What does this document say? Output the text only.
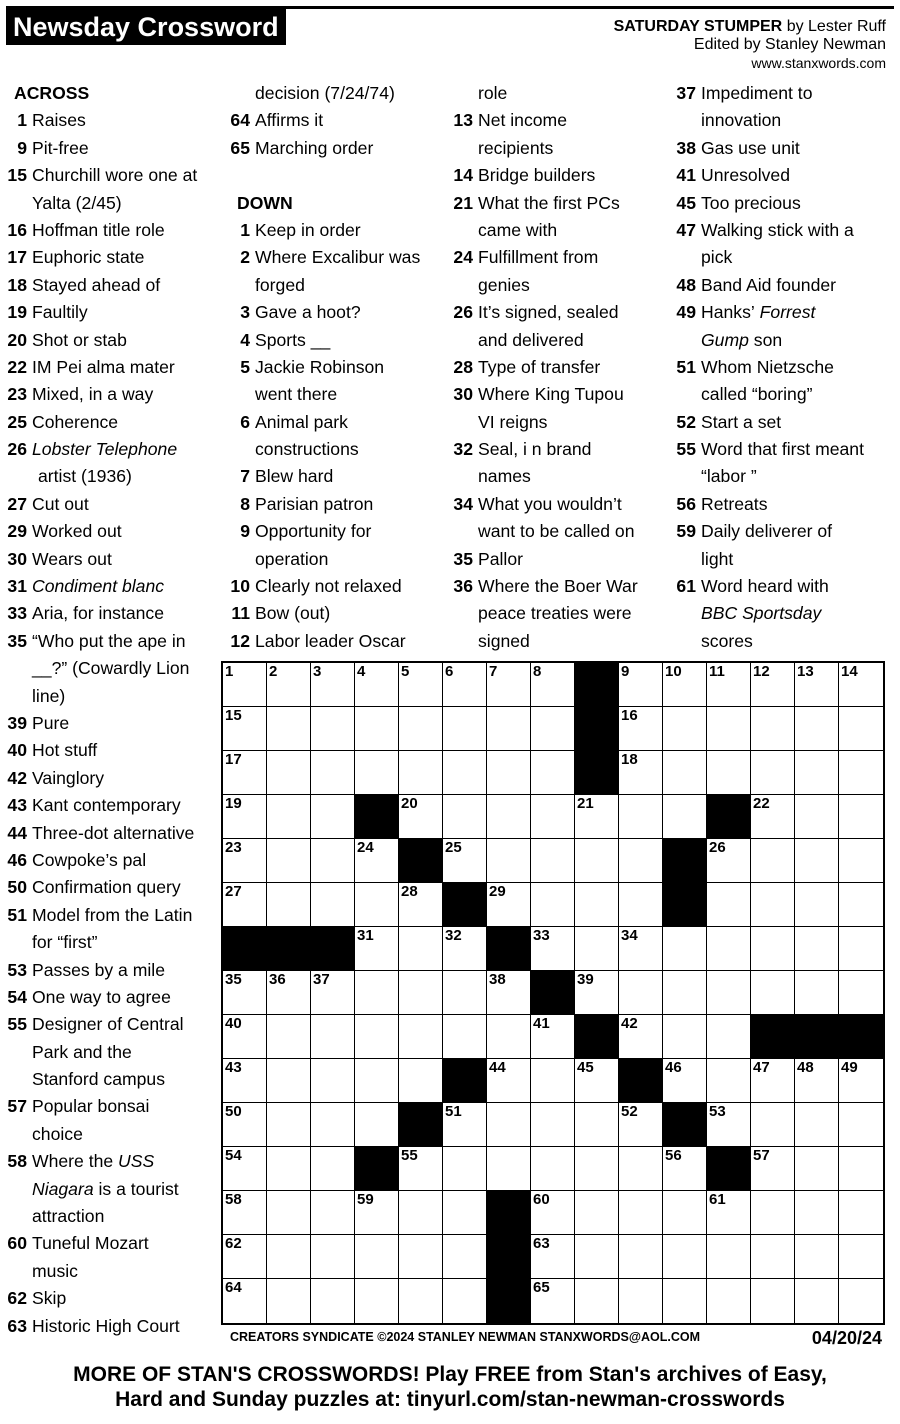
Newsday Crossword	SATURDAY STUMPER by Lester Ruff
Edited by Stanley Newman
www.stanxwords.com
ACROSS
1 Raises
9 Pit-free
15 Churchill wore one at
Yalta (2/45)
16 Hoffman title role
17 Euphoric state
18 Stayed ahead of
19 Faultily
20 Shot or stab
22 IM Pei alma mater
23 Mixed, in a way
25 Coherence
26 Lobster Telephone
artist (1936)
27 Cut out
29 Worked out
30 Wears out
31 Condiment blanc
33 Aria, for instance
35 “Who put the ape in
__?” (Cowardly Lion
line)
39 Pure
40 Hot stuff
42 Vainglory
43 Kant contemporary
44 Three-dot alternative
46 Cowpoke’s pal
50 Confirmation query
51 Model from the Latin
for “first”
53 Passes by a mile
54 One way to agree
55 Designer of Central
Park and the
Stanford campus
57 Popular bonsai
choice
58 Where the USS
Niagara is a tourist
attraction
60 Tuneful Mozart
music
62 Skip
63 Historic High Court
decision (7/24/74)
64 Affirms it
65 Marching order
DOWN
1 Keep in order
2 Where Excalibur was
forged
3 Gave a hoot?
4 Sports __
5 Jackie Robinson
went there
6 Animal park
constructions
7 Blew hard
8 Parisian patron
9 Opportunity for
operation
10 Clearly not relaxed
11 Bow (out)
12 Labor leader Oscar
role
13 Net income
recipients
14 Bridge builders
21 What the first PCs
came with
24 Fulfillment from
genies
26 It’s signed, sealed
and delivered
28 Type of transfer
30 Where King Tupou
VI reigns
32 Seal, i n brand
names
34 What you wouldn’t
want to be called on
35 Pallor
36 Where the Boer War
peace treaties were
signed
37 Impediment to
innovation
38 Gas use unit
41 Unresolved
45 Too precious
47 Walking stick with a
pick
48 Band Aid founder
49 Hanks’ Forrest
Gump son
51 Whom Nietzsche
called “boring”
52 Start a set
55 Word that first meant
“labor ”
56 Retreats
59 Daily deliverer of
light
61 Word heard with
BBC Sportsday
scores
1 2 3 4 5 6 7 8	9 10 11 12 13 14
15	16
17	18
19	20	21	22
23	24	25	26
27	28	29
31	32	33	34
35 36 37	38	39
40	41	42
43	44	45	46	47 48 49
50	51	52	53
54	55	56	57
58	59	60	61
62	63
64	65
CREATORS SYNDICATE ©2024 STANLEY NEWMAN STANXWORDS@AOL.COM	04/20/24
MORE OF STAN'S CROSSWORDS! Play FREE from Stan's archives of Easy,
Hard and Sunday puzzles at: tinyurl.com/stan-newman-crosswords
